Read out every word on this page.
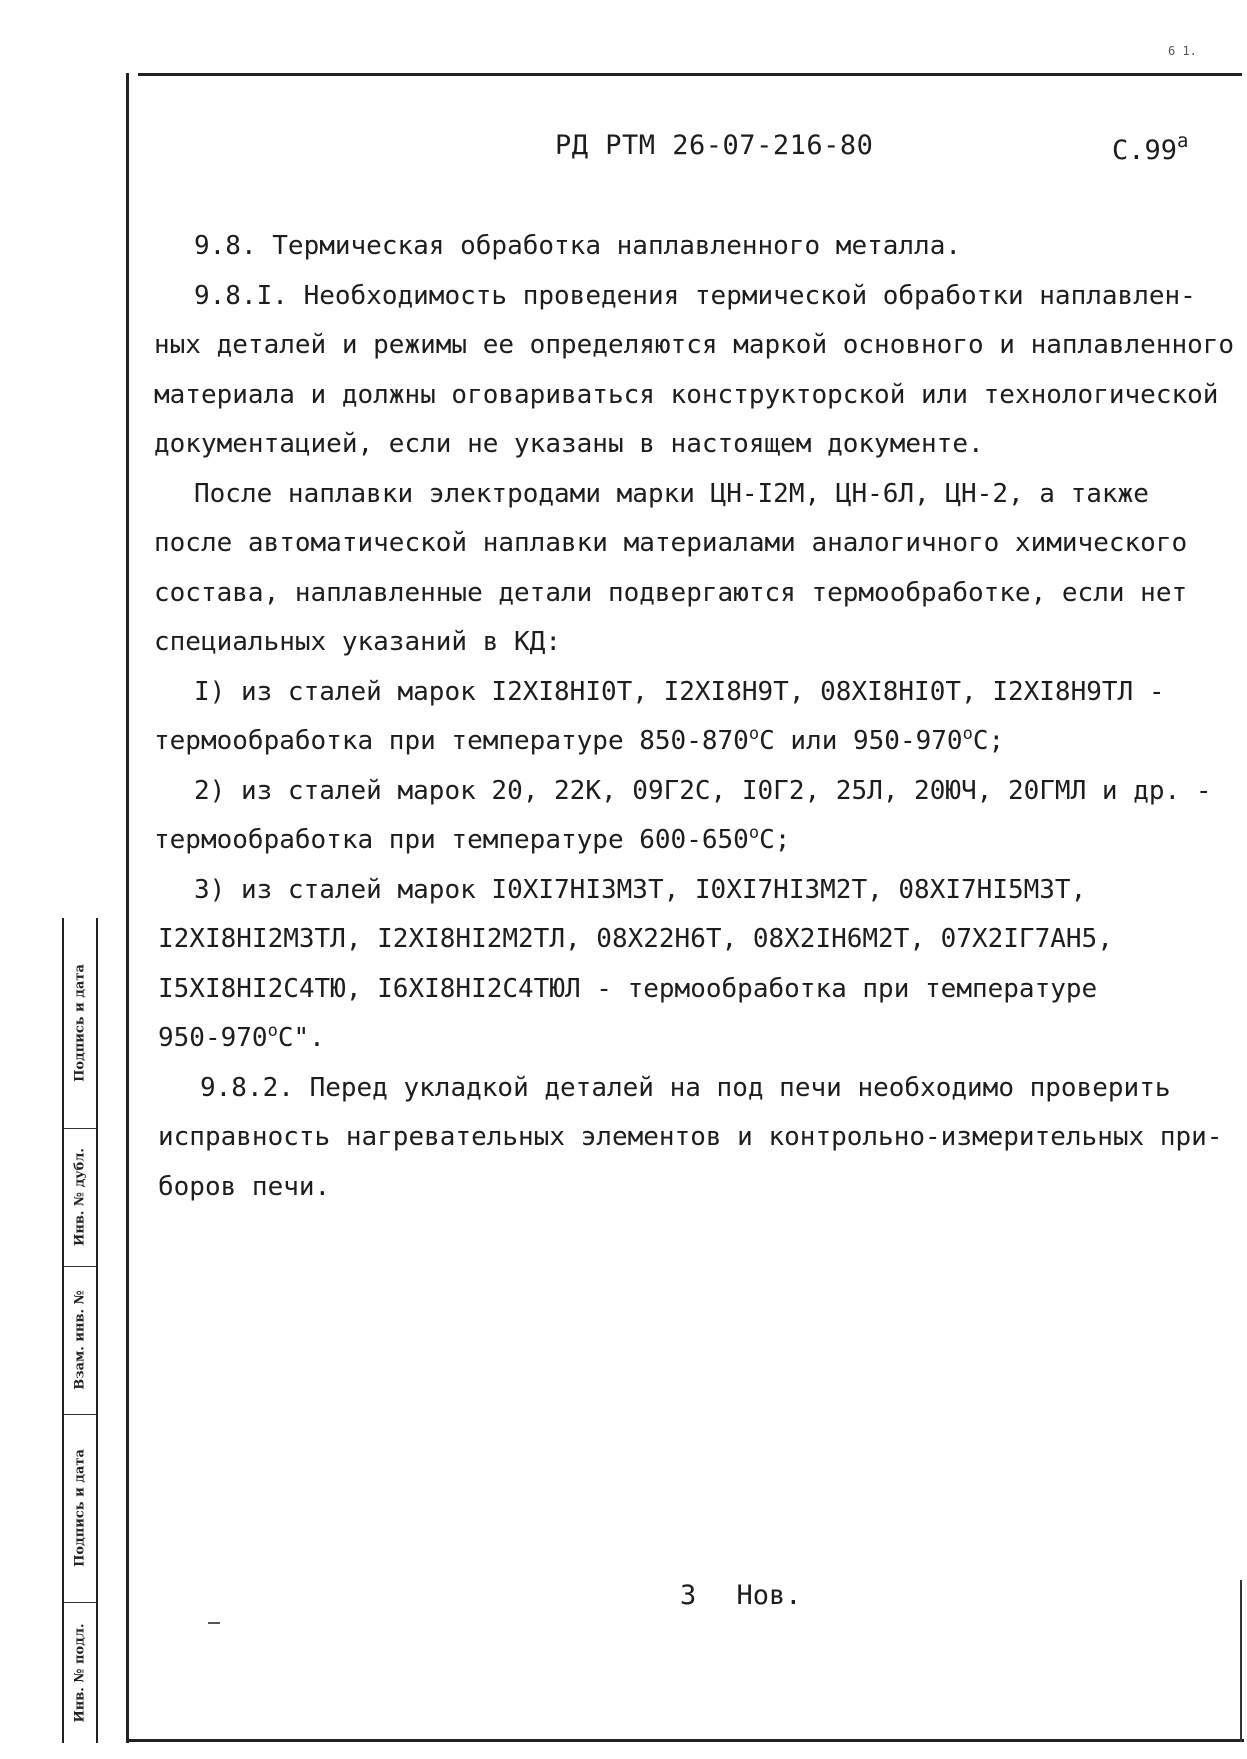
6 1.
РД РТМ 26-07-216-80	$С.99^а$
9.8. Термическая обработка наплавленного металла.
9.8.I. Необходимость проведения термической обработки наплавлен-
ных деталей и режимы ее определяются маркой основного и наплавленного
материала и должны оговариваться конструкторской или технологической
документацией, если не указаны в настоящем документе.
После наплавки электродами марки ЦН-I2М, ЦН-6Л, ЦН-2, а также
после автоматической наплавки материалами аналогичного химического
состава, наплавленные детали подвергаются термообработке, если нет
специальных указаний в КД:
I) из сталей марок I2XI8HI0T, I2XI8H9T, 08XI8HI0T, I2XI8H9TЛ -
термообработка при температуре $850-870^оС$ или $950-970^оС$;
2) из сталей марок 20, 22К, 09Г2С, I0Г2, 25Л, 20ЮЧ, 20ГМЛ и др. -
термообработка при температуре $600-650^оС$;
3) из сталей марок I0XI7HI3M3T, I0XI7HI3M2T, 08XI7HI5M3T,
I2XI8HI2M3TЛ, I2XI8HI2M2TЛ, 08X22H6T, 08X2IH6M2T, 07X2IГ7AH5,
I5XI8HI2C4TЮ, I6XI8HI2C4TЮЛ - термообработка при температуре
$950-970^оС$".
9.8.2. Перед укладкой деталей на под печи необходимо проверить
исправность нагревательных элементов и контрольно-измерительных при-
боров печи.
3 Нов.
Подпись и дата
Инв. № дубл.
Взам. инв. №
Подпись и дата
Инв. № подл.
